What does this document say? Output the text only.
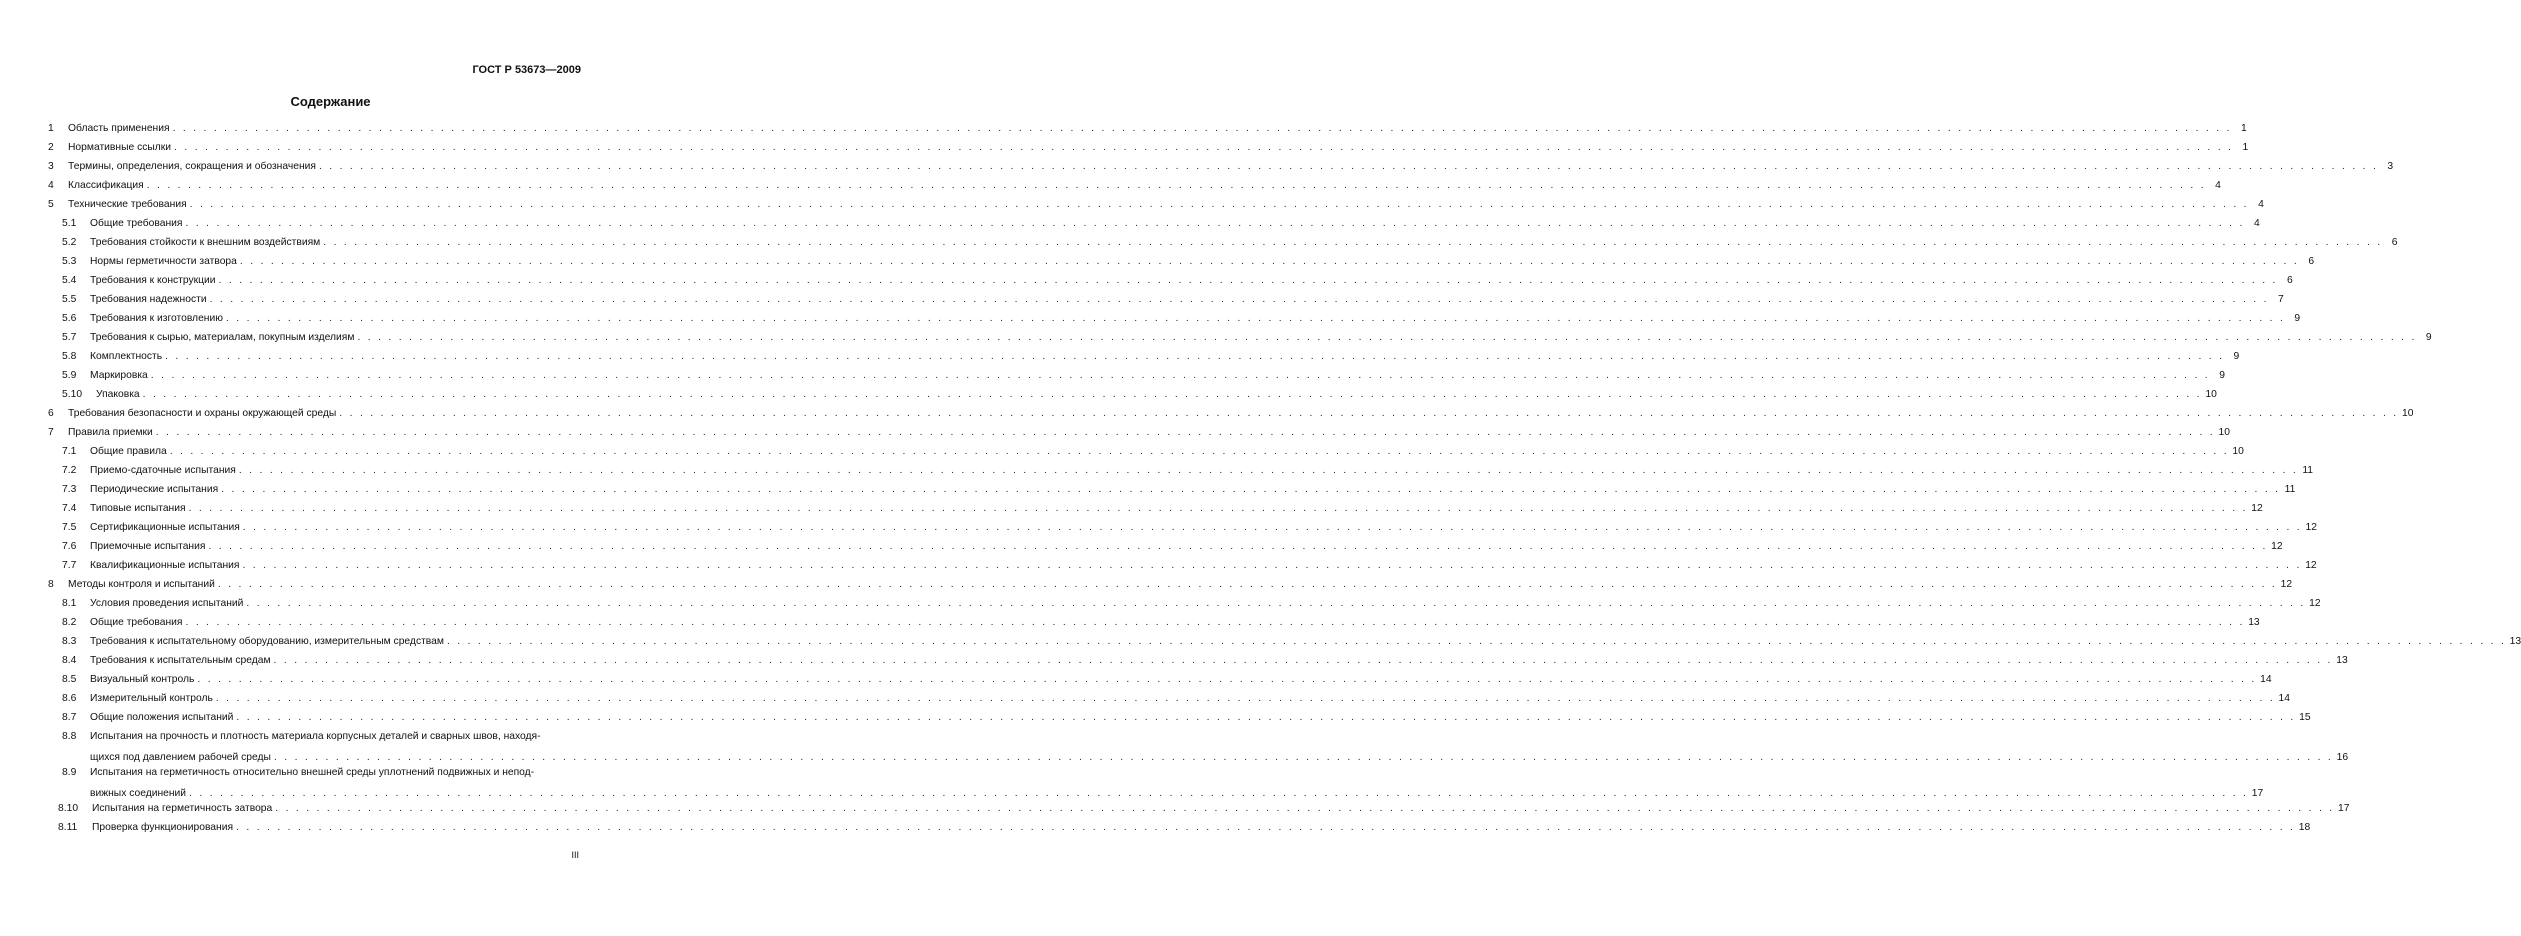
ГОСТ Р 53673—2009
Содержание
1	Область применения . . . . . . . . . . . . . . . . . . . . . . . . . . . . . . . . . . . . . . . . . . . . . . . . . . . . . . . . . . . . . . . . . . . . . . . . . . . . . . . . . . . . . . . . . . . . . . . . . . . . . . . . . . . . . . . . . . . . . . . . . . . . . . . . . . . . . . . . . . . . . . . . . . . . . . . . . . . . . . . . . . . . . . . . . . . . . . . . . . . . . . . . . . . . . . . . . . . . . . . . 1
2	Нормативные ссылки . . . . . . . . . . . . . . . . . . . . . . . . . . . . . . . . . . . . . . . . . . . . . . . . . . . . . . . . . . . . . . . . . . . . . . . . . . . . . . . . . . . . . . . . . . . . . . . . . . . . . . . . . . . . . . . . . . . . . . . . . . . . . . . . . . . . . . . . . . . . . . . . . . . . . . . . . . . . . . . . . . . . . . . . . . . . . . . . . . . . . . . . . . . . . . . . . . . . . . . . 1
3	Термины, определения, сокращения и обозначения . . . . . . . . . . . . . . . . . . . . . . . . . . . . . . . . . . . . . . . . . . . . . . . . . . . . . . . . . . . . . . . . . . . . . . . . . . . . . . . . . . . . . . . . . . . . . . . . . . . . . . . . . . . . . . . . . . . . . . . . . . . . . . . . . . . . . . . . . . . . . . . . . . . . . . . . . . . . . . . . . . . . . . . . . . . . . . . . . . . . . . . . . . . . . . . . . . . . . . . . 3
4	Классификация . . . . . . . . . . . . . . . . . . . . . . . . . . . . . . . . . . . . . . . . . . . . . . . . . . . . . . . . . . . . . . . . . . . . . . . . . . . . . . . . . . . . . . . . . . . . . . . . . . . . . . . . . . . . . . . . . . . . . . . . . . . . . . . . . . . . . . . . . . . . . . . . . . . . . . . . . . . . . . . . . . . . . . . . . . . . . . . . . . . . . . . . . . . . . . . . . . . . . . . . 4
5	Технические требования . . . . . . . . . . . . . . . . . . . . . . . . . . . . . . . . . . . . . . . . . . . . . . . . . . . . . . . . . . . . . . . . . . . . . . . . . . . . . . . . . . . . . . . . . . . . . . . . . . . . . . . . . . . . . . . . . . . . . . . . . . . . . . . . . . . . . . . . . . . . . . . . . . . . . . . . . . . . . . . . . . . . . . . . . . . . . . . . . . . . . . . . . . . . . . . . . . . . . . . . 4
5.1	Общие требования . . . . . . . . . . . . . . . . . . . . . . . . . . . . . . . . . . . . . . . . . . . . . . . . . . . . . . . . . . . . . . . . . . . . . . . . . . . . . . . . . . . . . . . . . . . . . . . . . . . . . . . . . . . . . . . . . . . . . . . . . . . . . . . . . . . . . . . . . . . . . . . . . . . . . . . . . . . . . . . . . . . . . . . . . . . . . . . . . . . . . . . . . . . . . . . . . . . . . . . . 4
5.2	Требования стойкости к внешним воздействиям . . . . . . . . . . . . . . . . . . . . . . . . . . . . . . . . . . . . . . . . . . . . . . . . . . . . . . . . . . . . . . . . . . . . . . . . . . . . . . . . . . . . . . . . . . . . . . . . . . . . . . . . . . . . . . . . . . . . . . . . . . . . . . . . . . . . . . . . . . . . . . . . . . . . . . . . . . . . . . . . . . . . . . . . . . . . . . . . . . . . . . . . . . . . . . . . . . . . . . . . 6
5.3	Нормы герметичности затвора . . . . . . . . . . . . . . . . . . . . . . . . . . . . . . . . . . . . . . . . . . . . . . . . . . . . . . . . . . . . . . . . . . . . . . . . . . . . . . . . . . . . . . . . . . . . . . . . . . . . . . . . . . . . . . . . . . . . . . . . . . . . . . . . . . . . . . . . . . . . . . . . . . . . . . . . . . . . . . . . . . . . . . . . . . . . . . . . . . . . . . . . . . . . . . . . . . . . . . . . 6
5.4	Требования к конструкции . . . . . . . . . . . . . . . . . . . . . . . . . . . . . . . . . . . . . . . . . . . . . . . . . . . . . . . . . . . . . . . . . . . . . . . . . . . . . . . . . . . . . . . . . . . . . . . . . . . . . . . . . . . . . . . . . . . . . . . . . . . . . . . . . . . . . . . . . . . . . . . . . . . . . . . . . . . . . . . . . . . . . . . . . . . . . . . . . . . . . . . . . . . . . . . . . . . . . . . . 6
5.5	Требования надежности . . . . . . . . . . . . . . . . . . . . . . . . . . . . . . . . . . . . . . . . . . . . . . . . . . . . . . . . . . . . . . . . . . . . . . . . . . . . . . . . . . . . . . . . . . . . . . . . . . . . . . . . . . . . . . . . . . . . . . . . . . . . . . . . . . . . . . . . . . . . . . . . . . . . . . . . . . . . . . . . . . . . . . . . . . . . . . . . . . . . . . . . . . . . . . . . . . . . . . . . 7
5.6	Требования к изготовлению . . . . . . . . . . . . . . . . . . . . . . . . . . . . . . . . . . . . . . . . . . . . . . . . . . . . . . . . . . . . . . . . . . . . . . . . . . . . . . . . . . . . . . . . . . . . . . . . . . . . . . . . . . . . . . . . . . . . . . . . . . . . . . . . . . . . . . . . . . . . . . . . . . . . . . . . . . . . . . . . . . . . . . . . . . . . . . . . . . . . . . . . . . . . . . . . . . . . . . . . 9
5.7	Требования к сырью, материалам, покупным изделиям . . . . . . . . . . . . . . . . . . . . . . . . . . . . . . . . . . . . . . . . . . . . . . . . . . . . . . . . . . . . . . . . . . . . . . . . . . . . . . . . . . . . . . . . . . . . . . . . . . . . . . . . . . . . . . . . . . . . . . . . . . . . . . . . . . . . . . . . . . . . . . . . . . . . . . . . . . . . . . . . . . . . . . . . . . . . . . . . . . . . . . . . . . . . . . . . . . . . . . . . 9
5.8	Комплектность . . . . . . . . . . . . . . . . . . . . . . . . . . . . . . . . . . . . . . . . . . . . . . . . . . . . . . . . . . . . . . . . . . . . . . . . . . . . . . . . . . . . . . . . . . . . . . . . . . . . . . . . . . . . . . . . . . . . . . . . . . . . . . . . . . . . . . . . . . . . . . . . . . . . . . . . . . . . . . . . . . . . . . . . . . . . . . . . . . . . . . . . . . . . . . . . . . . . . . . . 9
5.9	Маркировка . . . . . . . . . . . . . . . . . . . . . . . . . . . . . . . . . . . . . . . . . . . . . . . . . . . . . . . . . . . . . . . . . . . . . . . . . . . . . . . . . . . . . . . . . . . . . . . . . . . . . . . . . . . . . . . . . . . . . . . . . . . . . . . . . . . . . . . . . . . . . . . . . . . . . . . . . . . . . . . . . . . . . . . . . . . . . . . . . . . . . . . . . . . . . . . . . . . . . . . . 9
5.10	Упаковка . . . . . . . . . . . . . . . . . . . . . . . . . . . . . . . . . . . . . . . . . . . . . . . . . . . . . . . . . . . . . . . . . . . . . . . . . . . . . . . . . . . . . . . . . . . . . . . . . . . . . . . . . . . . . . . . . . . . . . . . . . . . . . . . . . . . . . . . . . . . . . . . . . . . . . . . . . . . . . . . . . . . . . . . . . . . . . . . . . . . . . . . . . . . . . . . . . . . . . . . 10
6	Требования безопасности и охраны окружающей среды . . . . . . . . . . . . . . . . . . . . . . . . . . . . . . . . . . . . . . . . . . . . . . . . . . . . . . . . . . . . . . . . . . . . . . . . . . . . . . . . . . . . . . . . . . . . . . . . . . . . . . . . . . . . . . . . . . . . . . . . . . . . . . . . . . . . . . . . . . . . . . . . . . . . . . . . . . . . . . . . . . . . . . . . . . . . . . . . . . . . . . . . . . . . . . . . . . . . . . . . 10
7	Правила приемки . . . . . . . . . . . . . . . . . . . . . . . . . . . . . . . . . . . . . . . . . . . . . . . . . . . . . . . . . . . . . . . . . . . . . . . . . . . . . . . . . . . . . . . . . . . . . . . . . . . . . . . . . . . . . . . . . . . . . . . . . . . . . . . . . . . . . . . . . . . . . . . . . . . . . . . . . . . . . . . . . . . . . . . . . . . . . . . . . . . . . . . . . . . . . . . . . . . . . . . . 10
7.1	Общие правила . . . . . . . . . . . . . . . . . . . . . . . . . . . . . . . . . . . . . . . . . . . . . . . . . . . . . . . . . . . . . . . . . . . . . . . . . . . . . . . . . . . . . . . . . . . . . . . . . . . . . . . . . . . . . . . . . . . . . . . . . . . . . . . . . . . . . . . . . . . . . . . . . . . . . . . . . . . . . . . . . . . . . . . . . . . . . . . . . . . . . . . . . . . . . . . . . . . . . . . . 10
7.2	Приемо-сдаточные испытания . . . . . . . . . . . . . . . . . . . . . . . . . . . . . . . . . . . . . . . . . . . . . . . . . . . . . . . . . . . . . . . . . . . . . . . . . . . . . . . . . . . . . . . . . . . . . . . . . . . . . . . . . . . . . . . . . . . . . . . . . . . . . . . . . . . . . . . . . . . . . . . . . . . . . . . . . . . . . . . . . . . . . . . . . . . . . . . . . . . . . . . . . . . . . . . . . . . . . . . . 11
7.3	Периодические испытания . . . . . . . . . . . . . . . . . . . . . . . . . . . . . . . . . . . . . . . . . . . . . . . . . . . . . . . . . . . . . . . . . . . . . . . . . . . . . . . . . . . . . . . . . . . . . . . . . . . . . . . . . . . . . . . . . . . . . . . . . . . . . . . . . . . . . . . . . . . . . . . . . . . . . . . . . . . . . . . . . . . . . . . . . . . . . . . . . . . . . . . . . . . . . . . . . . . . . . . . 11
7.4	Типовые испытания . . . . . . . . . . . . . . . . . . . . . . . . . . . . . . . . . . . . . . . . . . . . . . . . . . . . . . . . . . . . . . . . . . . . . . . . . . . . . . . . . . . . . . . . . . . . . . . . . . . . . . . . . . . . . . . . . . . . . . . . . . . . . . . . . . . . . . . . . . . . . . . . . . . . . . . . . . . . . . . . . . . . . . . . . . . . . . . . . . . . . . . . . . . . . . . . . . . . . . . . 12
7.5	Сертификационные испытания . . . . . . . . . . . . . . . . . . . . . . . . . . . . . . . . . . . . . . . . . . . . . . . . . . . . . . . . . . . . . . . . . . . . . . . . . . . . . . . . . . . . . . . . . . . . . . . . . . . . . . . . . . . . . . . . . . . . . . . . . . . . . . . . . . . . . . . . . . . . . . . . . . . . . . . . . . . . . . . . . . . . . . . . . . . . . . . . . . . . . . . . . . . . . . . . . . . . . . . . 12
7.6	Приемочные испытания . . . . . . . . . . . . . . . . . . . . . . . . . . . . . . . . . . . . . . . . . . . . . . . . . . . . . . . . . . . . . . . . . . . . . . . . . . . . . . . . . . . . . . . . . . . . . . . . . . . . . . . . . . . . . . . . . . . . . . . . . . . . . . . . . . . . . . . . . . . . . . . . . . . . . . . . . . . . . . . . . . . . . . . . . . . . . . . . . . . . . . . . . . . . . . . . . . . . . . . . 12
7.7	Квалификационные испытания . . . . . . . . . . . . . . . . . . . . . . . . . . . . . . . . . . . . . . . . . . . . . . . . . . . . . . . . . . . . . . . . . . . . . . . . . . . . . . . . . . . . . . . . . . . . . . . . . . . . . . . . . . . . . . . . . . . . . . . . . . . . . . . . . . . . . . . . . . . . . . . . . . . . . . . . . . . . . . . . . . . . . . . . . . . . . . . . . . . . . . . . . . . . . . . . . . . . . . . . 12
8	Методы контроля и испытаний . . . . . . . . . . . . . . . . . . . . . . . . . . . . . . . . . . . . . . . . . . . . . . . . . . . . . . . . . . . . . . . . . . . . . . . . . . . . . . . . . . . . . . . . . . . . . . . . . . . . . . . . . . . . . . . . . . . . . . . . . . . . . . . . . . . . . . . . . . . . . . . . . . . . . . . . . . . . . . . . . . . . . . . . . . . . . . . . . . . . . . . . . . . . . . . . . . . . . . . . 12
8.1	Условия проведения испытаний . . . . . . . . . . . . . . . . . . . . . . . . . . . . . . . . . . . . . . . . . . . . . . . . . . . . . . . . . . . . . . . . . . . . . . . . . . . . . . . . . . . . . . . . . . . . . . . . . . . . . . . . . . . . . . . . . . . . . . . . . . . . . . . . . . . . . . . . . . . . . . . . . . . . . . . . . . . . . . . . . . . . . . . . . . . . . . . . . . . . . . . . . . . . . . . . . . . . . . . . 12
8.2	Общие требования . . . . . . . . . . . . . . . . . . . . . . . . . . . . . . . . . . . . . . . . . . . . . . . . . . . . . . . . . . . . . . . . . . . . . . . . . . . . . . . . . . . . . . . . . . . . . . . . . . . . . . . . . . . . . . . . . . . . . . . . . . . . . . . . . . . . . . . . . . . . . . . . . . . . . . . . . . . . . . . . . . . . . . . . . . . . . . . . . . . . . . . . . . . . . . . . . . . . . . . . 13
8.3	Требования к испытательному оборудованию, измерительным средствам . . . . . . . . . . . . . . . . . . . . . . . . . . . . . . . . . . . . . . . . . . . . . . . . . . . . . . . . . . . . . . . . . . . . . . . . . . . . . . . . . . . . . . . . . . . . . . . . . . . . . . . . . . . . . . . . . . . . . . . . . . . . . . . . . . . . . . . . . . . . . . . . . . . . . . . . . . . . . . . . . . . . . . . . . . . . . . . . . . . . . . . . . . . . . . . . . . . . . . . . 13
8.4	Требования к испытательным средам . . . . . . . . . . . . . . . . . . . . . . . . . . . . . . . . . . . . . . . . . . . . . . . . . . . . . . . . . . . . . . . . . . . . . . . . . . . . . . . . . . . . . . . . . . . . . . . . . . . . . . . . . . . . . . . . . . . . . . . . . . . . . . . . . . . . . . . . . . . . . . . . . . . . . . . . . . . . . . . . . . . . . . . . . . . . . . . . . . . . . . . . . . . . . . . . . . . . . . . . 13
8.5	Визуальный контроль . . . . . . . . . . . . . . . . . . . . . . . . . . . . . . . . . . . . . . . . . . . . . . . . . . . . . . . . . . . . . . . . . . . . . . . . . . . . . . . . . . . . . . . . . . . . . . . . . . . . . . . . . . . . . . . . . . . . . . . . . . . . . . . . . . . . . . . . . . . . . . . . . . . . . . . . . . . . . . . . . . . . . . . . . . . . . . . . . . . . . . . . . . . . . . . . . . . . . . . . 14
8.6	Измерительный контроль . . . . . . . . . . . . . . . . . . . . . . . . . . . . . . . . . . . . . . . . . . . . . . . . . . . . . . . . . . . . . . . . . . . . . . . . . . . . . . . . . . . . . . . . . . . . . . . . . . . . . . . . . . . . . . . . . . . . . . . . . . . . . . . . . . . . . . . . . . . . . . . . . . . . . . . . . . . . . . . . . . . . . . . . . . . . . . . . . . . . . . . . . . . . . . . . . . . . . . . . 14
8.7	Общие положения испытаний . . . . . . . . . . . . . . . . . . . . . . . . . . . . . . . . . . . . . . . . . . . . . . . . . . . . . . . . . . . . . . . . . . . . . . . . . . . . . . . . . . . . . . . . . . . . . . . . . . . . . . . . . . . . . . . . . . . . . . . . . . . . . . . . . . . . . . . . . . . . . . . . . . . . . . . . . . . . . . . . . . . . . . . . . . . . . . . . . . . . . . . . . . . . . . . . . . . . . . . . 15
8.8	Испытания на прочность и плотность материала корпусных деталей и сварных швов, находя-
щихся под давлением рабочей среды . . . . . . . . . . . . . . . . . . . . . . . . . . . . . . . . . . . . . . . . . . . . . . . . . . . . . . . . . . . . . . . . . . . . . . . . . . . . . . . . . . . . . . . . . . . . . . . . . . . . . . . . . . . . . . . . . . . . . . . . . . . . . . . . . . . . . . . . . . . . . . . . . . . . . . . . . . . . . . . . . . . . . . . . . . . . . . . . . . . . . . . . . . . . . . . . . . . . . . . . 16
8.9	Испытания на герметичность относительно внешней среды уплотнений подвижных и непод-
вижных соединений . . . . . . . . . . . . . . . . . . . . . . . . . . . . . . . . . . . . . . . . . . . . . . . . . . . . . . . . . . . . . . . . . . . . . . . . . . . . . . . . . . . . . . . . . . . . . . . . . . . . . . . . . . . . . . . . . . . . . . . . . . . . . . . . . . . . . . . . . . . . . . . . . . . . . . . . . . . . . . . . . . . . . . . . . . . . . . . . . . . . . . . . . . . . . . . . . . . . . . . . 17
8.10	Испытания на герметичность затвора . . . . . . . . . . . . . . . . . . . . . . . . . . . . . . . . . . . . . . . . . . . . . . . . . . . . . . . . . . . . . . . . . . . . . . . . . . . . . . . . . . . . . . . . . . . . . . . . . . . . . . . . . . . . . . . . . . . . . . . . . . . . . . . . . . . . . . . . . . . . . . . . . . . . . . . . . . . . . . . . . . . . . . . . . . . . . . . . . . . . . . . . . . . . . . . . . . . . . . . . 17
8.11	Проверка функционирования . . . . . . . . . . . . . . . . . . . . . . . . . . . . . . . . . . . . . . . . . . . . . . . . . . . . . . . . . . . . . . . . . . . . . . . . . . . . . . . . . . . . . . . . . . . . . . . . . . . . . . . . . . . . . . . . . . . . . . . . . . . . . . . . . . . . . . . . . . . . . . . . . . . . . . . . . . . . . . . . . . . . . . . . . . . . . . . . . . . . . . . . . . . . . . . . . . . . . . . . 18
III
